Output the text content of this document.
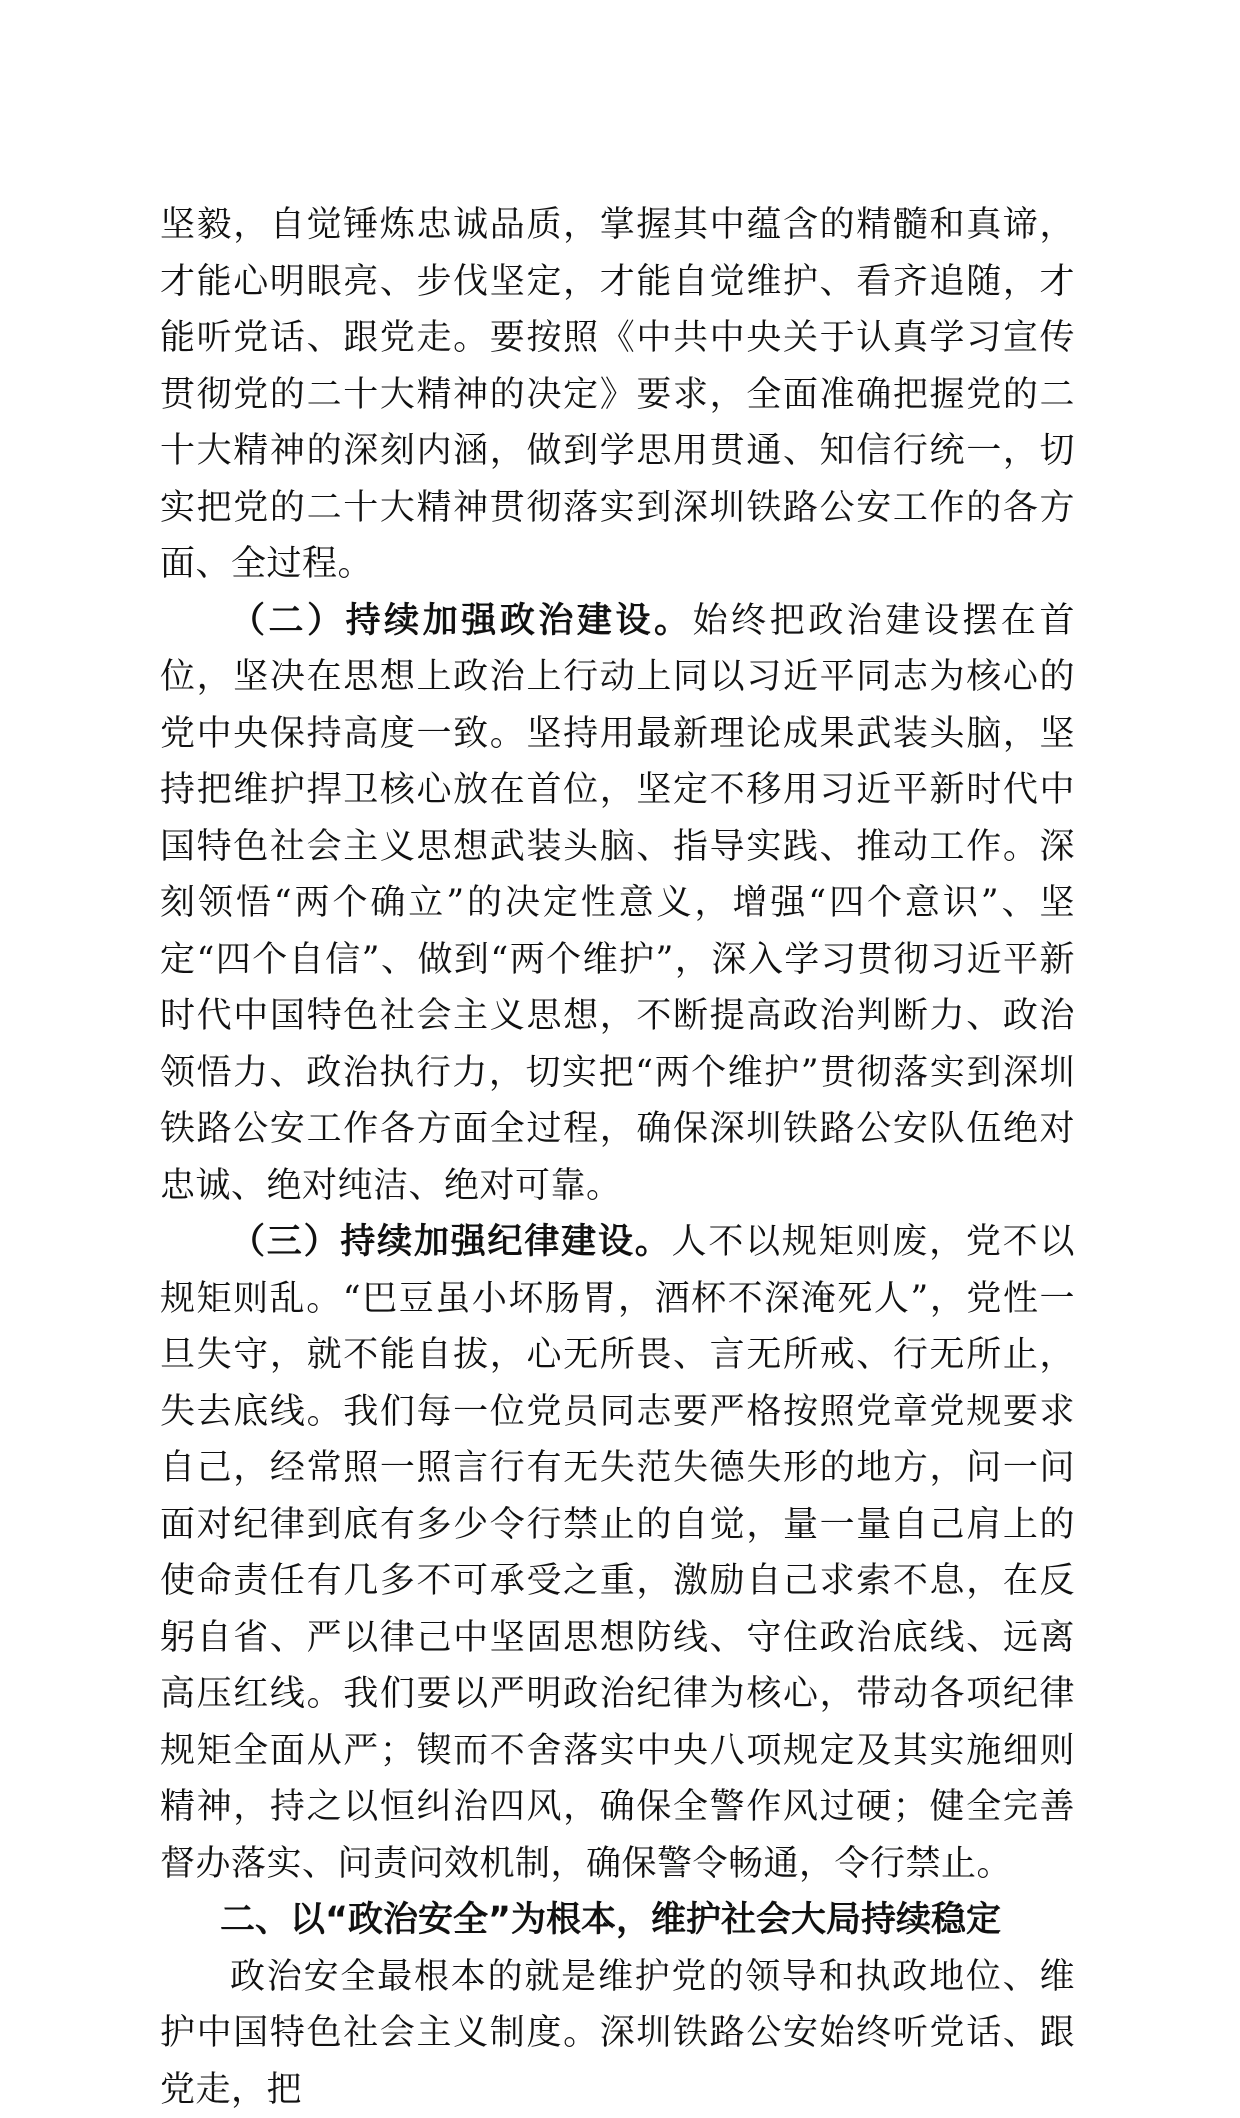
坚毅，自觉锤炼忠诚品质，掌握其中蕴含的精髓和真谛，才能心明眼亮、步伐坚定，才能自觉维护、看齐追随，才能听党话、跟党走。要按照《中共中央关于认真学习宣传贯彻党的二十大精神的决定》要求，全面准确把握党的二十大精神的深刻内涵，做到学思用贯通、知信行统一，切实把党的二十大精神贯彻落实到深圳铁路公安工作的各方面、全过程。

（二）持续加强政治建设。始终把政治建设摆在首位，坚决在思想上政治上行动上同以习近平同志为核心的党中央保持高度一致。坚持用最新理论成果武装头脑，坚持把维护捍卫核心放在首位，坚定不移用习近平新时代中国特色社会主义思想武装头脑、指导实践、推动工作。深刻领悟“两个确立”的决定性意义，增强“四个意识”、坚定“四个自信”、做到“两个维护”，深入学习贯彻习近平新时代中国特色社会主义思想，不断提高政治判断力、政治领悟力、政治执行力，切实把“两个维护”贯彻落实到深圳铁路公安工作各方面全过程，确保深圳铁路公安队伍绝对忠诚、绝对纯洁、绝对可靠。

（三）持续加强纪律建设。人不以规矩则废，党不以规矩则乱。“巴豆虽小坏肠胃，酒杯不深淹死人”，党性一旦失守，就不能自拔，心无所畏、言无所戒、行无所止，失去底线。我们每一位党员同志要严格按照党章党规要求自己，经常照一照言行有无失范失德失形的地方，问一问面对纪律到底有多少令行禁止的自觉，量一量自己肩上的使命责任有几多不可承受之重，激励自己求索不息，在反躬自省、严以律己中坚固思想防线、守住政治底线、远离高压红线。我们要以严明政治纪律为核心，带动各项纪律规矩全面从严；锲而不舍落实中央八项规定及其实施细则精神，持之以恒纠治四风，确保全警作风过硬；健全完善督办落实、问责问效机制，确保警令畅通，令行禁止。

二、以“政治安全”为根本，维护社会大局持续稳定

政治安全最根本的就是维护党的领导和执政地位、维护中国特色社会主义制度。深圳铁路公安始终听党话、跟党走，把
